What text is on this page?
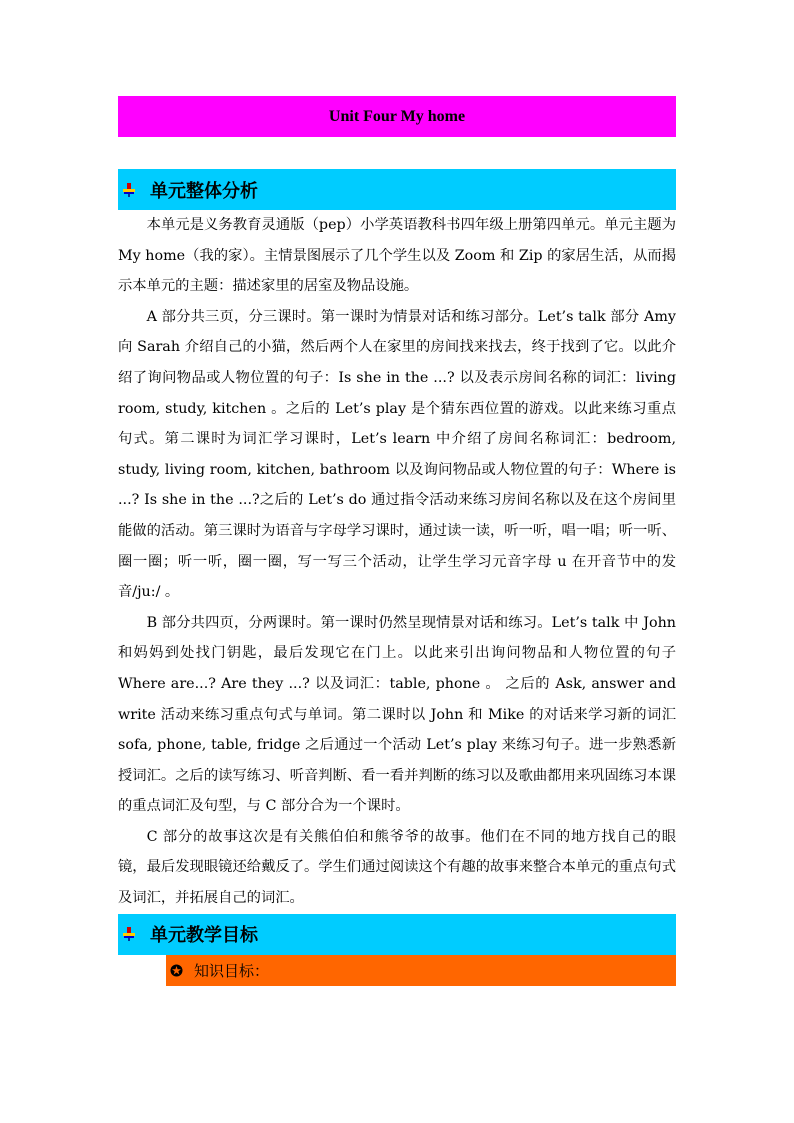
Unit Four My home
单元整体分析

本单元是义务教育灵通版（pep）小学英语教科书四年级上册第四单元。单元主题为 My home（我的家）。主情景图展示了几个学生以及 Zoom 和 Zip 的家居生活，从而揭示本单元的主题：描述家里的居室及物品设施。

A 部分共三页，分三课时。第一课时为情景对话和练习部分。Let’s talk 部分 Amy 向 Sarah 介绍自己的小猫，然后两个人在家里的房间找来找去，终于找到了它。以此介绍了询问物品或人物位置的句子：Is she in the ...? 以及表示房间名称的词汇：living room, study, kitchen 。之后的 Let’s play 是个猜东西位置的游戏。以此来练习重点句式。第二课时为词汇学习课时，Let’s learn 中介绍了房间名称词汇：bedroom, study, living room, kitchen, bathroom 以及询问物品或人物位置的句子：Where is ...? Is she in the ...?之后的 Let’s do 通过指令活动来练习房间名称以及在这个房间里能做的活动。第三课时为语音与字母学习课时，通过读一读，听一听，唱一唱；听一听、圈一圈；听一听，圈一圈，写一写三个活动，让学生学习元音字母 u 在开音节中的发音/ju:/ 。

B 部分共四页，分两课时。第一课时仍然呈现情景对话和练习。Let’s talk 中 John 和妈妈到处找门钥匙，最后发现它在门上。以此来引出询问物品和人物位置的句子 Where are...? Are they ...? 以及词汇：table, phone 。 之后的 Ask, answer and write 活动来练习重点句式与单词。第二课时以 John 和 Mike 的对话来学习新的词汇 sofa, phone, table, fridge 之后通过一个活动 Let’s play 来练习句子。进一步熟悉新授词汇。之后的读写练习、听音判断、看一看并判断的练习以及歌曲都用来巩固练习本课的重点词汇及句型，与 C 部分合为一个课时。

C 部分的故事这次是有关熊伯伯和熊爷爷的故事。他们在不同的地方找自己的眼镜，最后发现眼镜还给戴反了。学生们通过阅读这个有趣的故事来整合本单元的重点句式及词汇，并拓展自己的词汇。

单元教学目标
知识目标：
